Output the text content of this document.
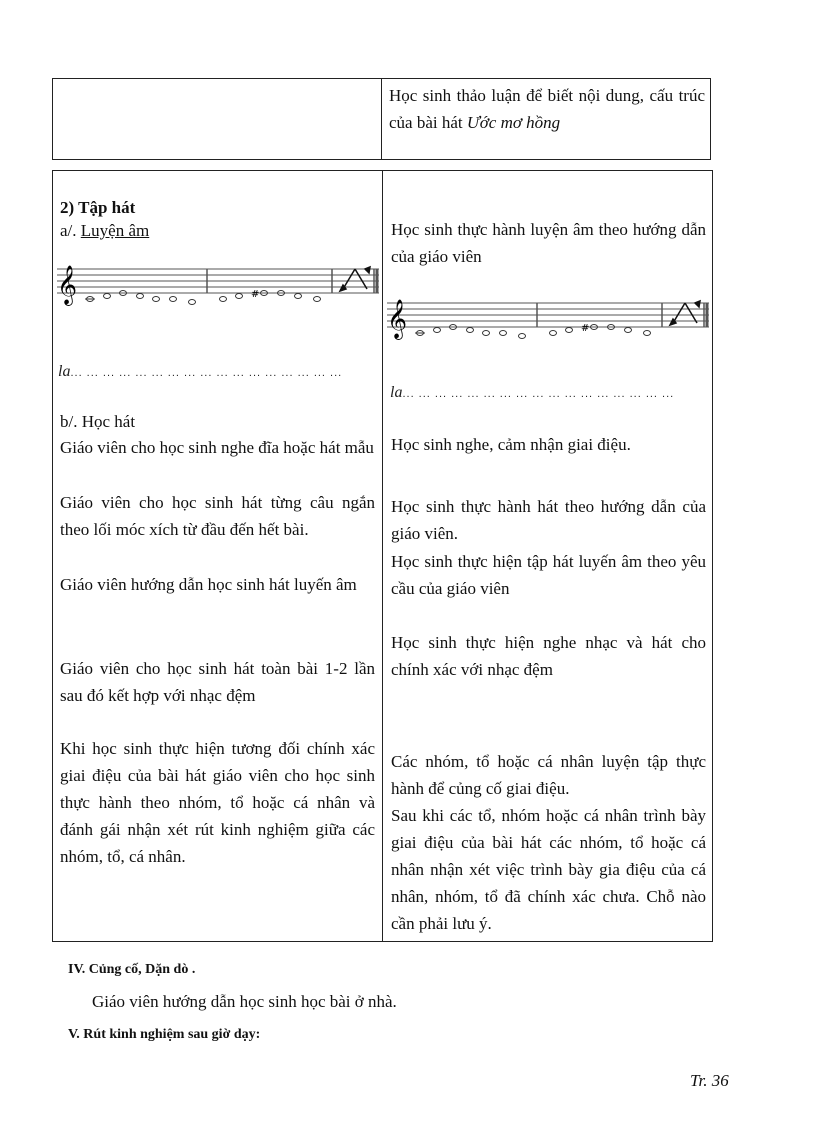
Học sinh thảo luận để biết nội dung, cấu trúc của bài hát Ước mơ hồng
2) Tập hát
a/. Luyện âm
𝄞	#
la... ... ... ... ... ... ... ... ... ... ... ... ... ... ... ... ...
b/. Học hát
Giáo viên cho học sinh nghe đĩa hoặc hát mẫu
Giáo viên cho học sinh hát từng câu ngắn theo lối móc xích từ đầu đến hết bài.
Giáo viên hướng dẫn học sinh hát luyến âm
Giáo viên cho học sinh hát toàn bài 1-2 lần sau đó kết hợp với nhạc đệm
Khi học sinh thực hiện tương đối chính xác giai điệu của bài hát giáo viên cho học sinh thực hành theo nhóm, tổ hoặc cá nhân và đánh gái nhận xét rút kinh nghiệm giữa các nhóm, tổ, cá nhân.
Học sinh thực hành luyện âm theo hướng dẫn của giáo viên
𝄞	#
la... ... ... ... ... ... ... ... ... ... ... ... ... ... ... ... ...
Học sinh nghe, cảm nhận giai điệu.
Học sinh thực hành hát theo hướng dẫn của giáo viên.
Học sinh thực hiện tập hát luyến âm theo yêu cầu của giáo viên
Học sinh thực hiện nghe nhạc và hát cho chính xác với nhạc đệm
Các nhóm, tổ hoặc cá nhân luyện tập thực hành để củng cố giai điệu.
Sau khi các tổ, nhóm hoặc cá nhân trình bày giai điệu của bài hát các nhóm, tổ hoặc cá nhân nhận xét việc trình bày gia điệu của cá nhân, nhóm, tổ đã chính xác chưa. Chỗ nào cần phải lưu ý.
IV. Củng cố, Dặn dò .
Giáo viên hướng dẫn học sinh học bài ở nhà.
V. Rút kinh nghiệm sau giờ dạy:
Tr. 36
